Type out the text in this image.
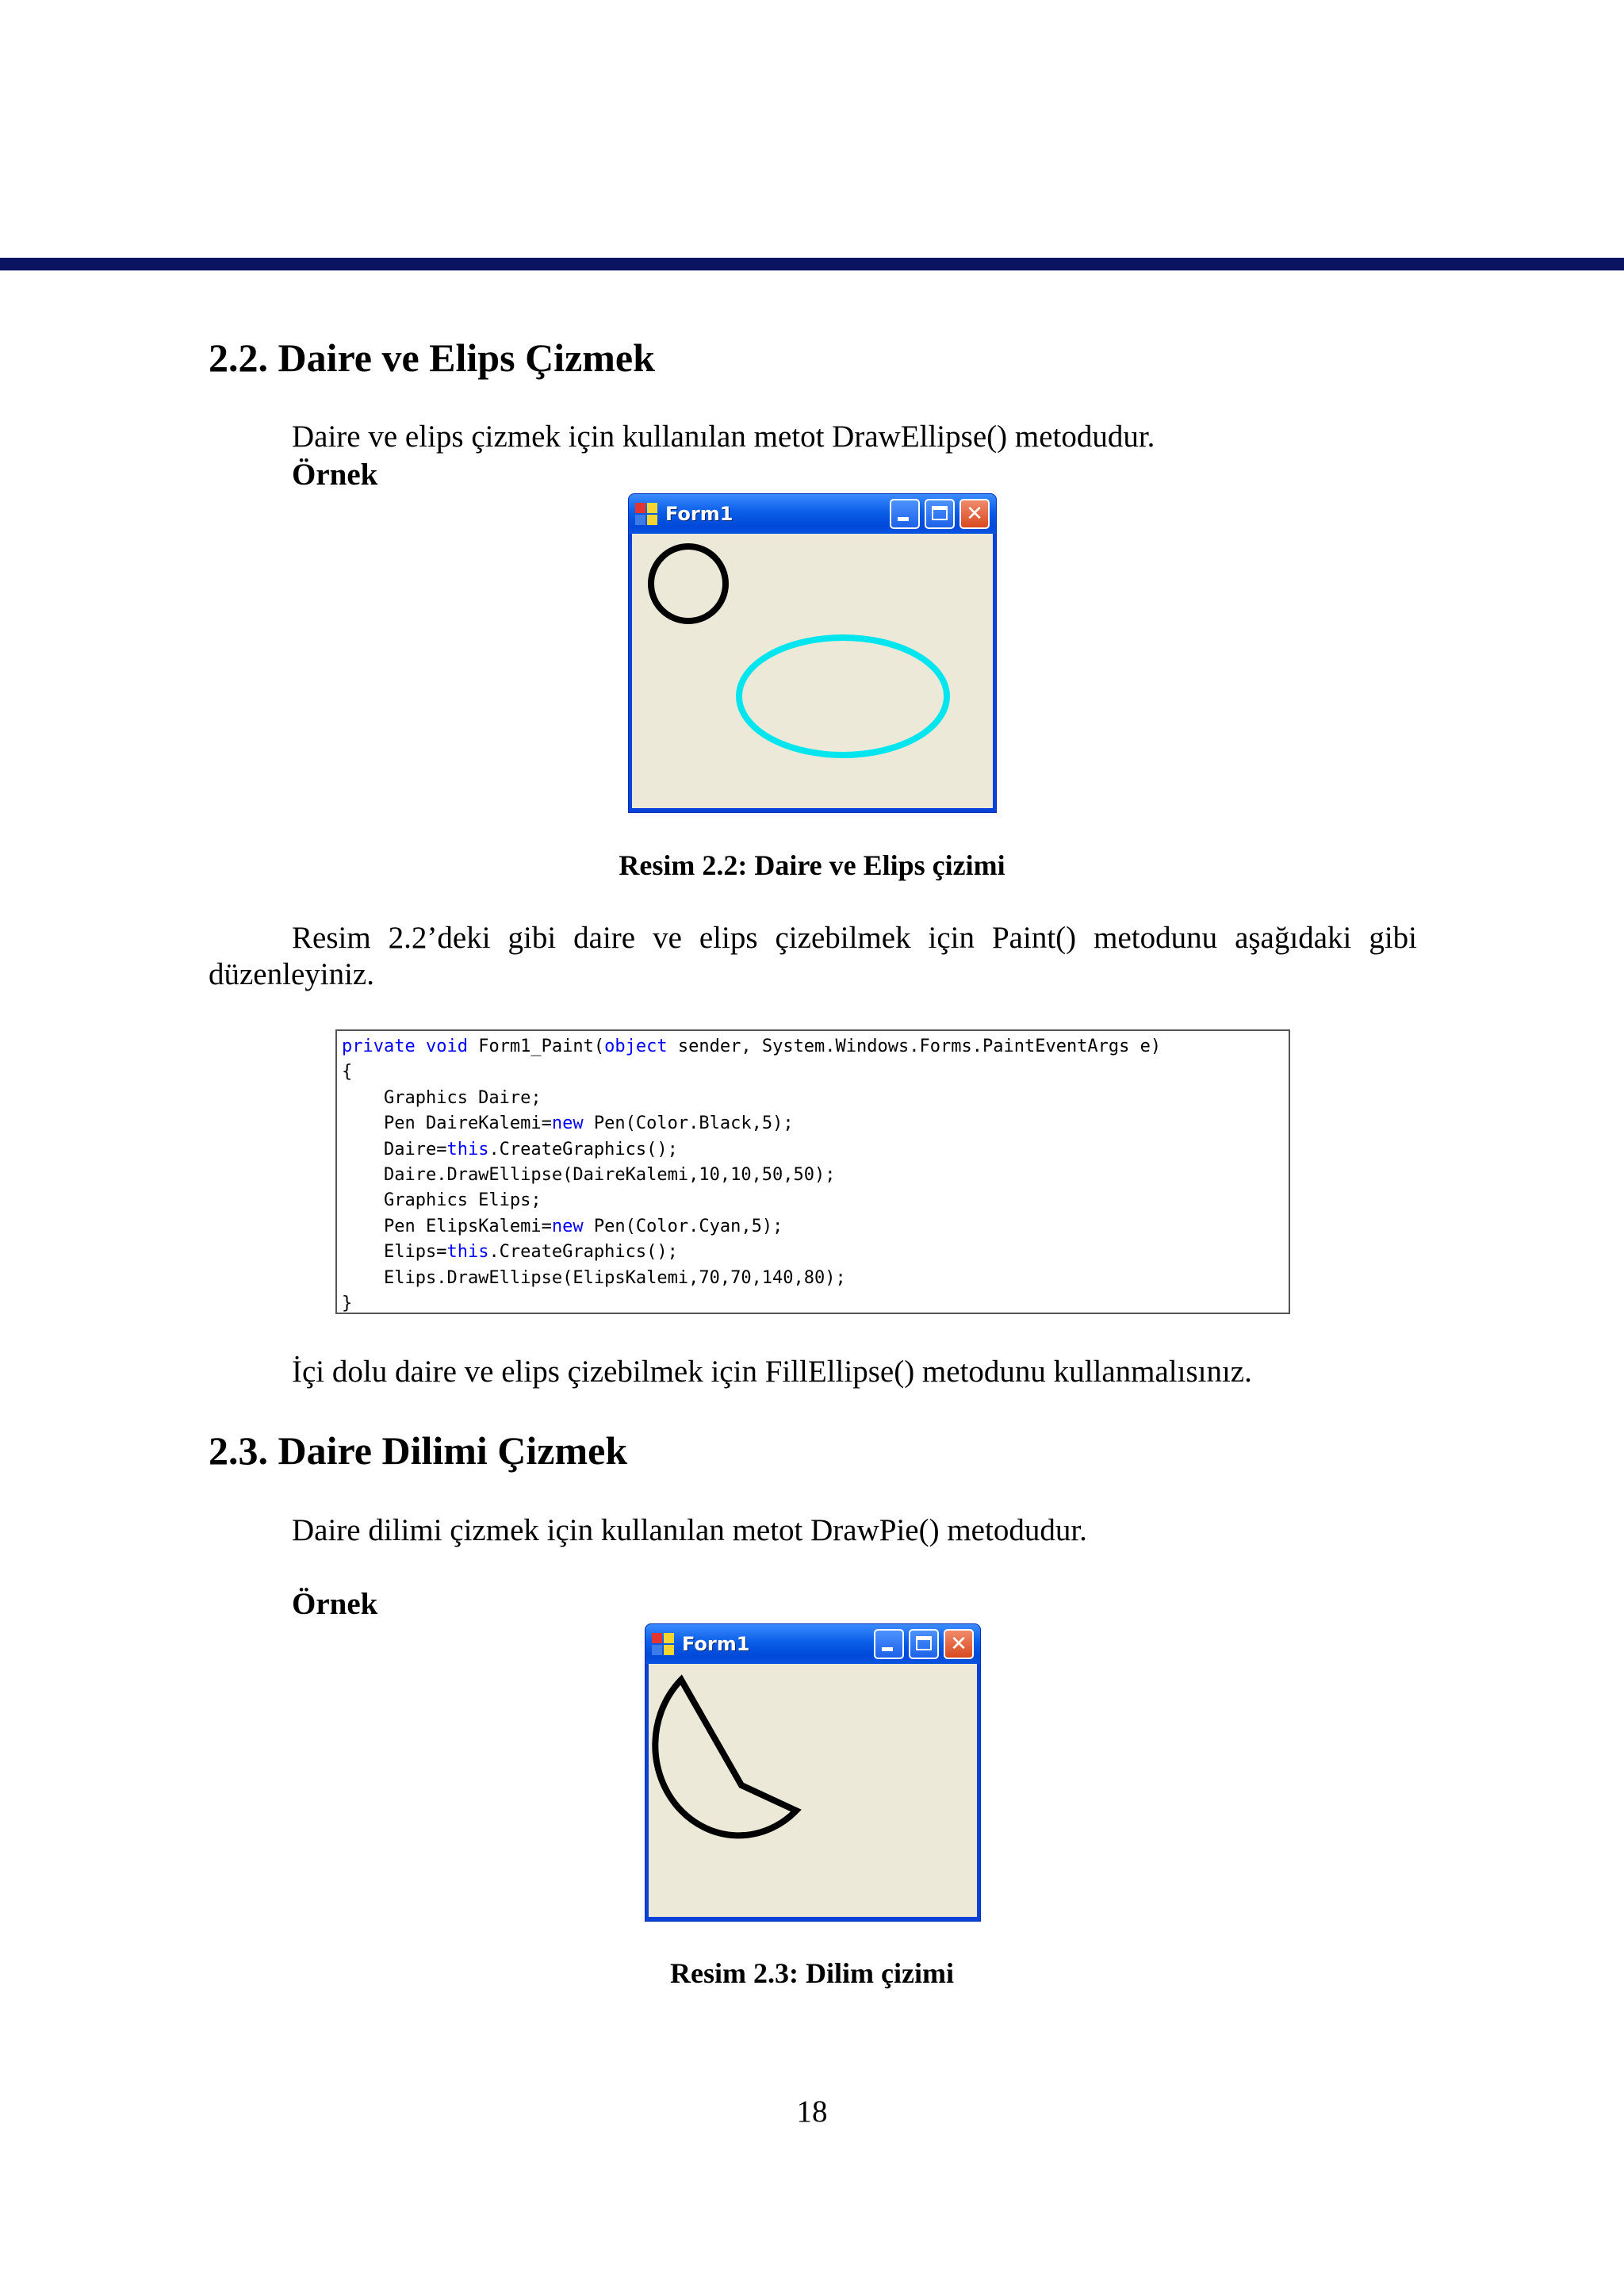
2.2. Daire ve Elips Çizmek
Daire ve elips çizmek için kullanılan metot DrawEllipse() metodudur.
Örnek
Form1	✕
Resim 2.2: Daire ve Elips çizimi
Resim 2.2’deki gibi daire ve elips çizebilmek için Paint() metodunu aşağıdaki gibi düzenleyiniz.
private void Form1_Paint(object sender, System.Windows.Forms.PaintEventArgs e)
{
Graphics Daire;
Pen DaireKalemi=new Pen(Color.Black,5);
Daire=this.CreateGraphics();
Daire.DrawEllipse(DaireKalemi,10,10,50,50);
Graphics Elips;
Pen ElipsKalemi=new Pen(Color.Cyan,5);
Elips=this.CreateGraphics();
Elips.DrawEllipse(ElipsKalemi,70,70,140,80);
}
İçi dolu daire ve elips çizebilmek için FillEllipse() metodunu kullanmalısınız.
2.3. Daire Dilimi Çizmek
Daire dilimi çizmek için kullanılan metot DrawPie() metodudur.
Örnek
Form1	✕
Resim 2.3: Dilim çizimi
18
